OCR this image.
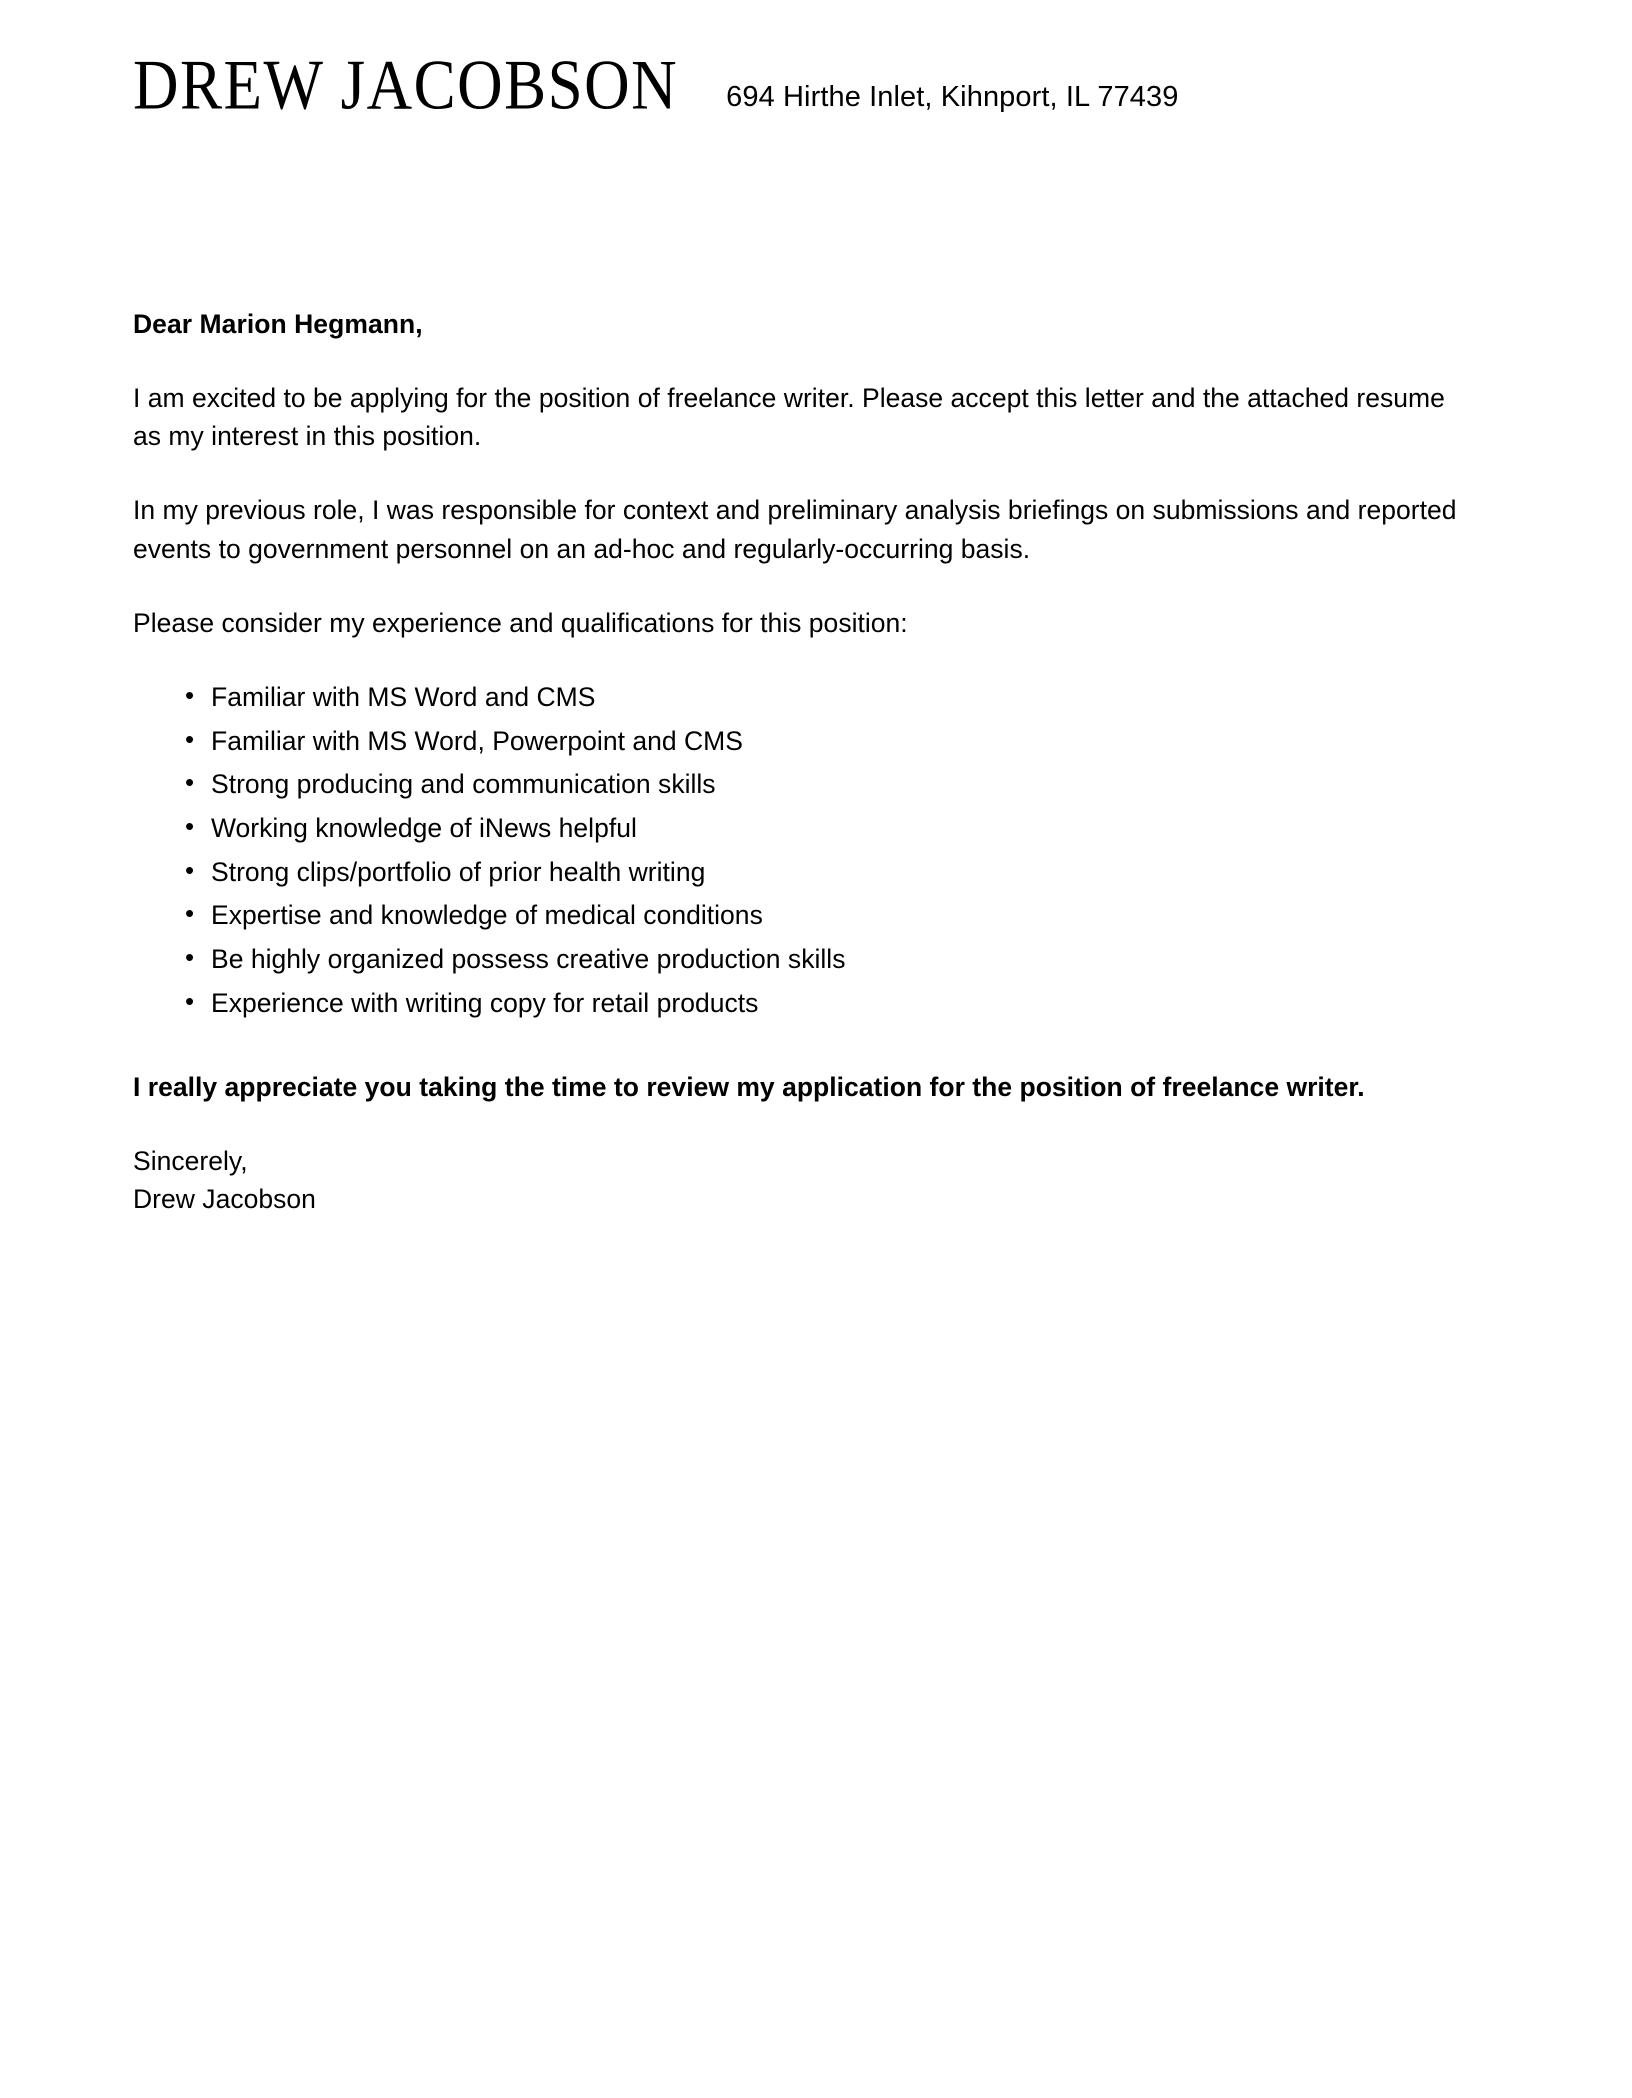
DREW JACOBSON 694 Hirthe Inlet, Kihnport, IL 77439

Dear Marion Hegmann,

I am excited to be applying for the position of freelance writer. Please accept this letter and the attached resume as my interest in this position.

In my previous role, I was responsible for context and preliminary analysis briefings on submissions and reported events to government personnel on an ad-hoc and regularly-occurring basis.

Please consider my experience and qualifications for this position:

• Familiar with MS Word and CMS
• Familiar with MS Word, Powerpoint and CMS
• Strong producing and communication skills
• Working knowledge of iNews helpful
• Strong clips/portfolio of prior health writing
• Expertise and knowledge of medical conditions
• Be highly organized possess creative production skills
• Experience with writing copy for retail products

I really appreciate you taking the time to review my application for the position of freelance writer.

Sincerely,
Drew Jacobson
